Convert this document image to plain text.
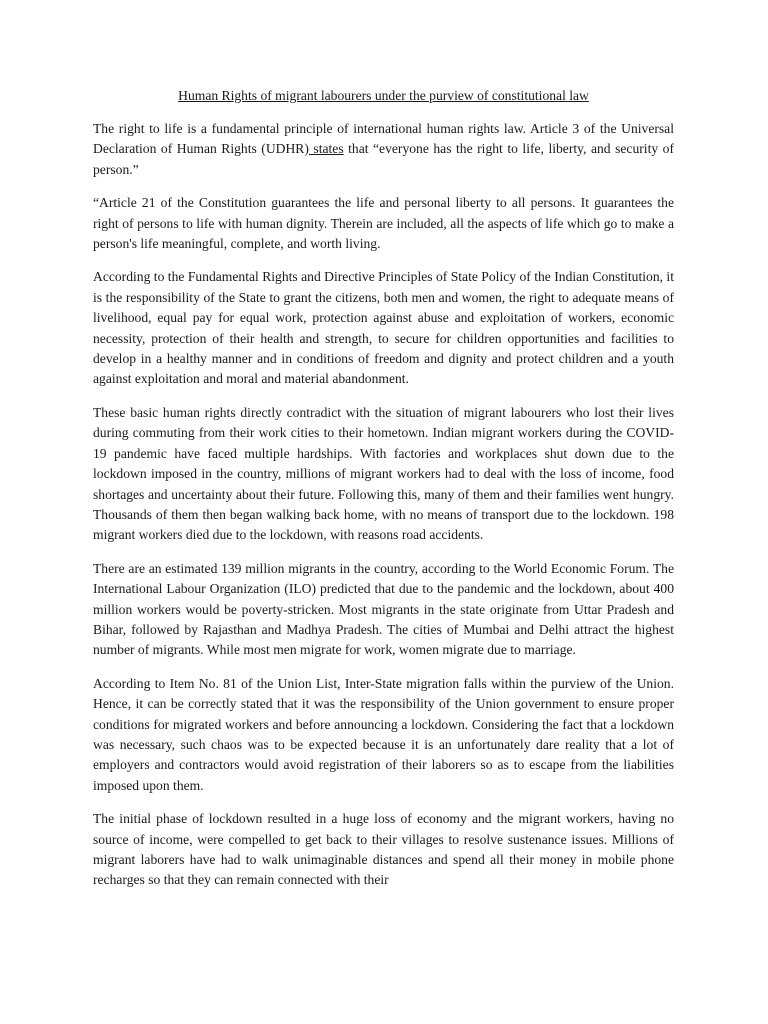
Human Rights of migrant labourers under the purview of constitutional law

The right to life is a fundamental principle of international human rights law. Article 3 of the Universal Declaration of Human Rights (UDHR) states that “everyone has the right to life, liberty, and security of person.”

“Article 21 of the Constitution guarantees the life and personal liberty to all persons. It guarantees the right of persons to life with human dignity. Therein are included, all the aspects of life which go to make a person's life meaningful, complete, and worth living.

According to the Fundamental Rights and Directive Principles of State Policy of the Indian Constitution, it is the responsibility of the State to grant the citizens, both men and women, the right to adequate means of livelihood, equal pay for equal work, protection against abuse and exploitation of workers, economic necessity, protection of their health and strength, to secure for children opportunities and facilities to develop in a healthy manner and in conditions of freedom and dignity and protect children and a youth against exploitation and moral and material abandonment.

These basic human rights directly contradict with the situation of migrant labourers who lost their lives during commuting from their work cities to their hometown. Indian migrant workers during the COVID-19 pandemic have faced multiple hardships. With factories and workplaces shut down due to the lockdown imposed in the country, millions of migrant workers had to deal with the loss of income, food shortages and uncertainty about their future. Following this, many of them and their families went hungry. Thousands of them then began walking back home, with no means of transport due to the lockdown. 198 migrant workers died due to the lockdown, with reasons road accidents.

There are an estimated 139 million migrants in the country, according to the World Economic Forum. The International Labour Organization (ILO) predicted that due to the pandemic and the lockdown, about 400 million workers would be poverty-stricken. Most migrants in the state originate from Uttar Pradesh and Bihar, followed by Rajasthan and Madhya Pradesh. The cities of Mumbai and Delhi attract the highest number of migrants. While most men migrate for work, women migrate due to marriage.

According to Item No. 81 of the Union List, Inter-State migration falls within the purview of the Union. Hence, it can be correctly stated that it was the responsibility of the Union government to ensure proper conditions for migrated workers and before announcing a lockdown. Considering the fact that a lockdown was necessary, such chaos was to be expected because it is an unfortunately dare reality that a lot of employers and contractors would avoid registration of their laborers so as to escape from the liabilities imposed upon them.

The initial phase of lockdown resulted in a huge loss of economy and the migrant workers, having no source of income, were compelled to get back to their villages to resolve sustenance issues. Millions of migrant laborers have had to walk unimaginable distances and spend all their money in mobile phone recharges so that they can remain connected with their
